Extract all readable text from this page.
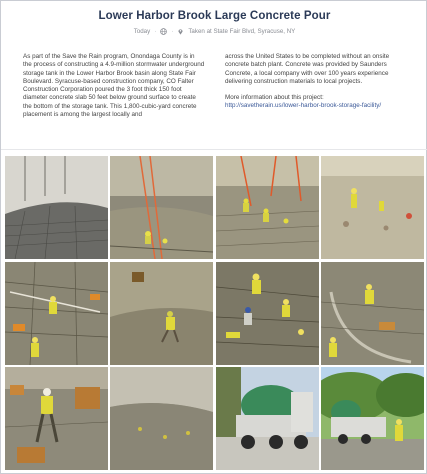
Lower Harbor Brook Large Concrete Pour
Today · · Taken at State Fair Blvd, Syracuse, NY

As part of the Save the Rain program, Onondaga County is in the process of constructing a 4.9-million stormwater underground storage tank in the Lower Harbor Brook basin along State Fair Boulevard. Syracuse-based construction company, CO Falter Construction Corporation poured the 3 foot thick 150 foot diameter concrete slab 50 feet below ground surface to create the bottom of the storage tank. This 1,800-cubic-yard concrete placement is among the largest locally and

across the United States to be completed without an onsite concrete batch plant. Concrete was provided by Saunders Concrete, a local company with over 100 years experience delivering construction materials to local projects.

More information about this project:
http://savetherain.us/lower-harbor-brook-storage-facility/
